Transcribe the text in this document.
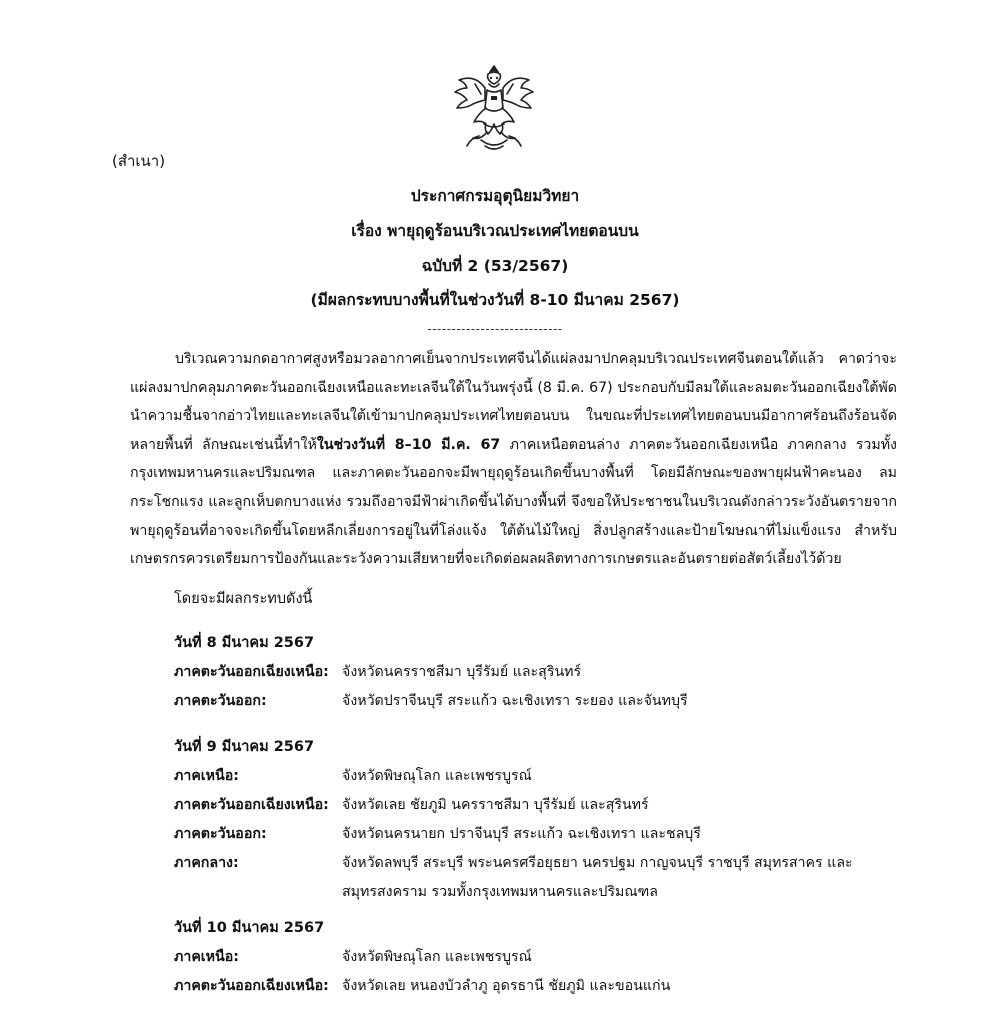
(สำเนา)
ประกาศกรมอุตุนิยมวิทยา
เรื่อง พายุฤดูร้อนบริเวณประเทศไทยตอนบน
ฉบับที่ 2 (53/2567)
(มีผลกระทบบางพื้นที่ในช่วงวันที่ 8-10 มีนาคม 2567)
----------------------------
บริเวณความกดอากาศสูงหรือมวลอากาศเย็นจากประเทศจีนได้แผ่ลงมาปกคลุมบริเวณประเทศจีนตอนใต้แล้ว คาดว่าจะแผ่ลงมาปกคลุมภาคตะวันออกเฉียงเหนือและทะเลจีนใต้ในวันพรุ่งนี้ (8 มี.ค. 67) ประกอบกับมีลมใต้และลมตะวันออกเฉียงใต้พัดนำความชื้นจากอ่าวไทยและทะเลจีนใต้เข้ามาปกคลุมประเทศไทยตอนบน ในขณะที่ประเทศไทยตอนบนมีอากาศร้อนถึงร้อนจัดหลายพื้นที่ ลักษณะเช่นนี้ทำให้ในช่วงวันที่ 8–10 มี.ค. 67 ภาคเหนือตอนล่าง ภาคตะวันออกเฉียงเหนือ ภาคกลาง รวมทั้งกรุงเทพมหานครและปริมณฑล และภาคตะวันออกจะมีพายุฤดูร้อนเกิดขึ้นบางพื้นที่ โดยมีลักษณะของพายุฝนฟ้าคะนอง ลมกระโชกแรง และลูกเห็บตกบางแห่ง รวมถึงอาจมีฟ้าผ่าเกิดขึ้นได้บางพื้นที่ จึงขอให้ประชาชนในบริเวณดังกล่าวระวังอันตรายจากพายุฤดูร้อนที่อาจจะเกิดขึ้นโดยหลีกเลี่ยงการอยู่ในที่โล่งแจ้ง ใต้ต้นไม้ใหญ่ สิ่งปลูกสร้างและป้ายโฆษณาที่ไม่แข็งแรง สำหรับเกษตรกรควรเตรียมการป้องกันและระวังความเสียหายที่จะเกิดต่อผลผลิตทางการเกษตรและอันตรายต่อสัตว์เลี้ยงไว้ด้วย
โดยจะมีผลกระทบดังนี้
วันที่ 8 มีนาคม 2567
ภาคตะวันออกเฉียงเหนือ: จังหวัดนครราชสีมา บุรีรัมย์ และสุรินทร์
ภาคตะวันออก:	จังหวัดปราจีนบุรี สระแก้ว ฉะเชิงเทรา ระยอง และจันทบุรี
วันที่ 9 มีนาคม 2567
ภาคเหนือ:	จังหวัดพิษณุโลก และเพชรบูรณ์
ภาคตะวันออกเฉียงเหนือ: จังหวัดเลย ชัยภูมิ นครราชสีมา บุรีรัมย์ และสุรินทร์
ภาคตะวันออก:	จังหวัดนครนายก ปราจีนบุรี สระแก้ว ฉะเชิงเทรา และชลบุรี
ภาคกลาง:	จังหวัดลพบุรี สระบุรี พระนครศรีอยุธยา นครปฐม กาญจนบุรี ราชบุรี สมุทรสาคร และสมุทรสงคราม รวมทั้งกรุงเทพมหานครและปริมณฑล
วันที่ 10 มีนาคม 2567
ภาคเหนือ:	จังหวัดพิษณุโลก และเพชรบูรณ์
ภาคตะวันออกเฉียงเหนือ: จังหวัดเลย หนองบัวลำภู อุดรธานี ชัยภูมิ และขอนแก่น
